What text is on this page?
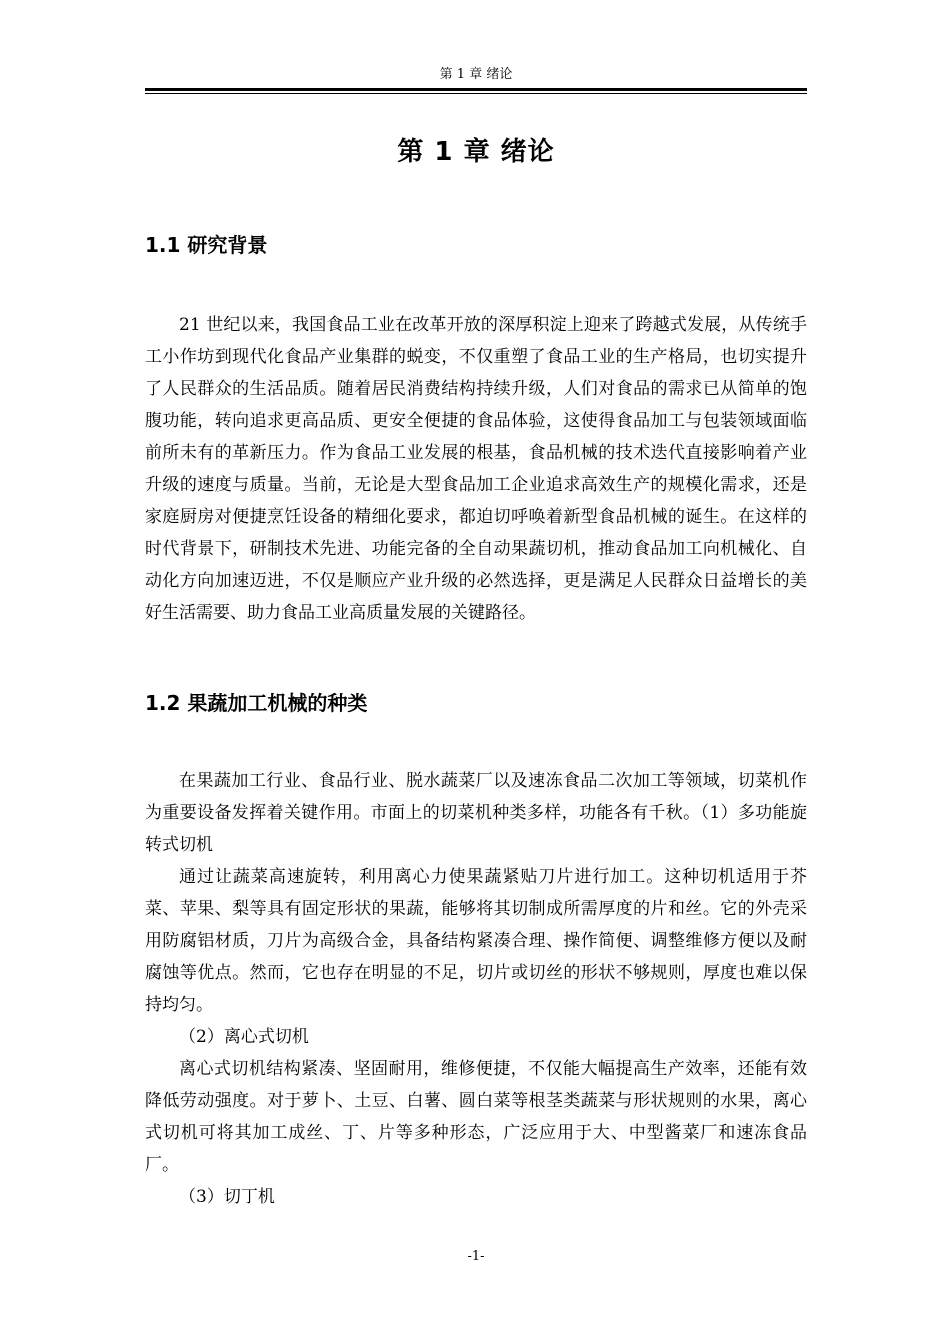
第 1 章 绪论
第 1 章 绪论
1.1 研究背景

21 世纪以来，我国食品工业在改革开放的深厚积淀上迎来了跨越式发展，从传统手工小作坊到现代化食品产业集群的蜕变，不仅重塑了食品工业的生产格局，也切实提升了人民群众的生活品质。随着居民消费结构持续升级，人们对食品的需求已从简单的饱腹功能，转向追求更高品质、更安全便捷的食品体验，这使得食品加工与包装领域面临前所未有的革新压力。作为食品工业发展的根基，食品机械的技术迭代直接影响着产业升级的速度与质量。当前，无论是大型食品加工企业追求高效生产的规模化需求，还是家庭厨房对便捷烹饪设备的精细化要求，都迫切呼唤着新型食品机械的诞生。在这样的时代背景下，研制技术先进、功能完备的全自动果蔬切机，推动食品加工向机械化、自动化方向加速迈进，不仅是顺应产业升级的必然选择，更是满足人民群众日益增长的美好生活需要、助力食品工业高质量发展的关键路径。

1.2 果蔬加工机械的种类

在果蔬加工行业、食品行业、脱水蔬菜厂以及速冻食品二次加工等领域，切菜机作为重要设备发挥着关键作用。市面上的切菜机种类多样，功能各有千秋。（1）多功能旋转式切机

通过让蔬菜高速旋转，利用离心力使果蔬紧贴刀片进行加工。这种切机适用于芥菜、苹果、梨等具有固定形状的果蔬，能够将其切制成所需厚度的片和丝。它的外壳采用防腐铝材质，刀片为高级合金，具备结构紧凑合理、操作简便、调整维修方便以及耐腐蚀等优点。然而，它也存在明显的不足，切片或切丝的形状不够规则，厚度也难以保持均匀。

（2）离心式切机

离心式切机结构紧凑、坚固耐用，维修便捷，不仅能大幅提高生产效率，还能有效降低劳动强度。对于萝卜、土豆、白薯、圆白菜等根茎类蔬菜与形状规则的水果，离心式切机可将其加工成丝、丁、片等多种形态，广泛应用于大、中型酱菜厂和速冻食品厂。

（3）切丁机

-1-
